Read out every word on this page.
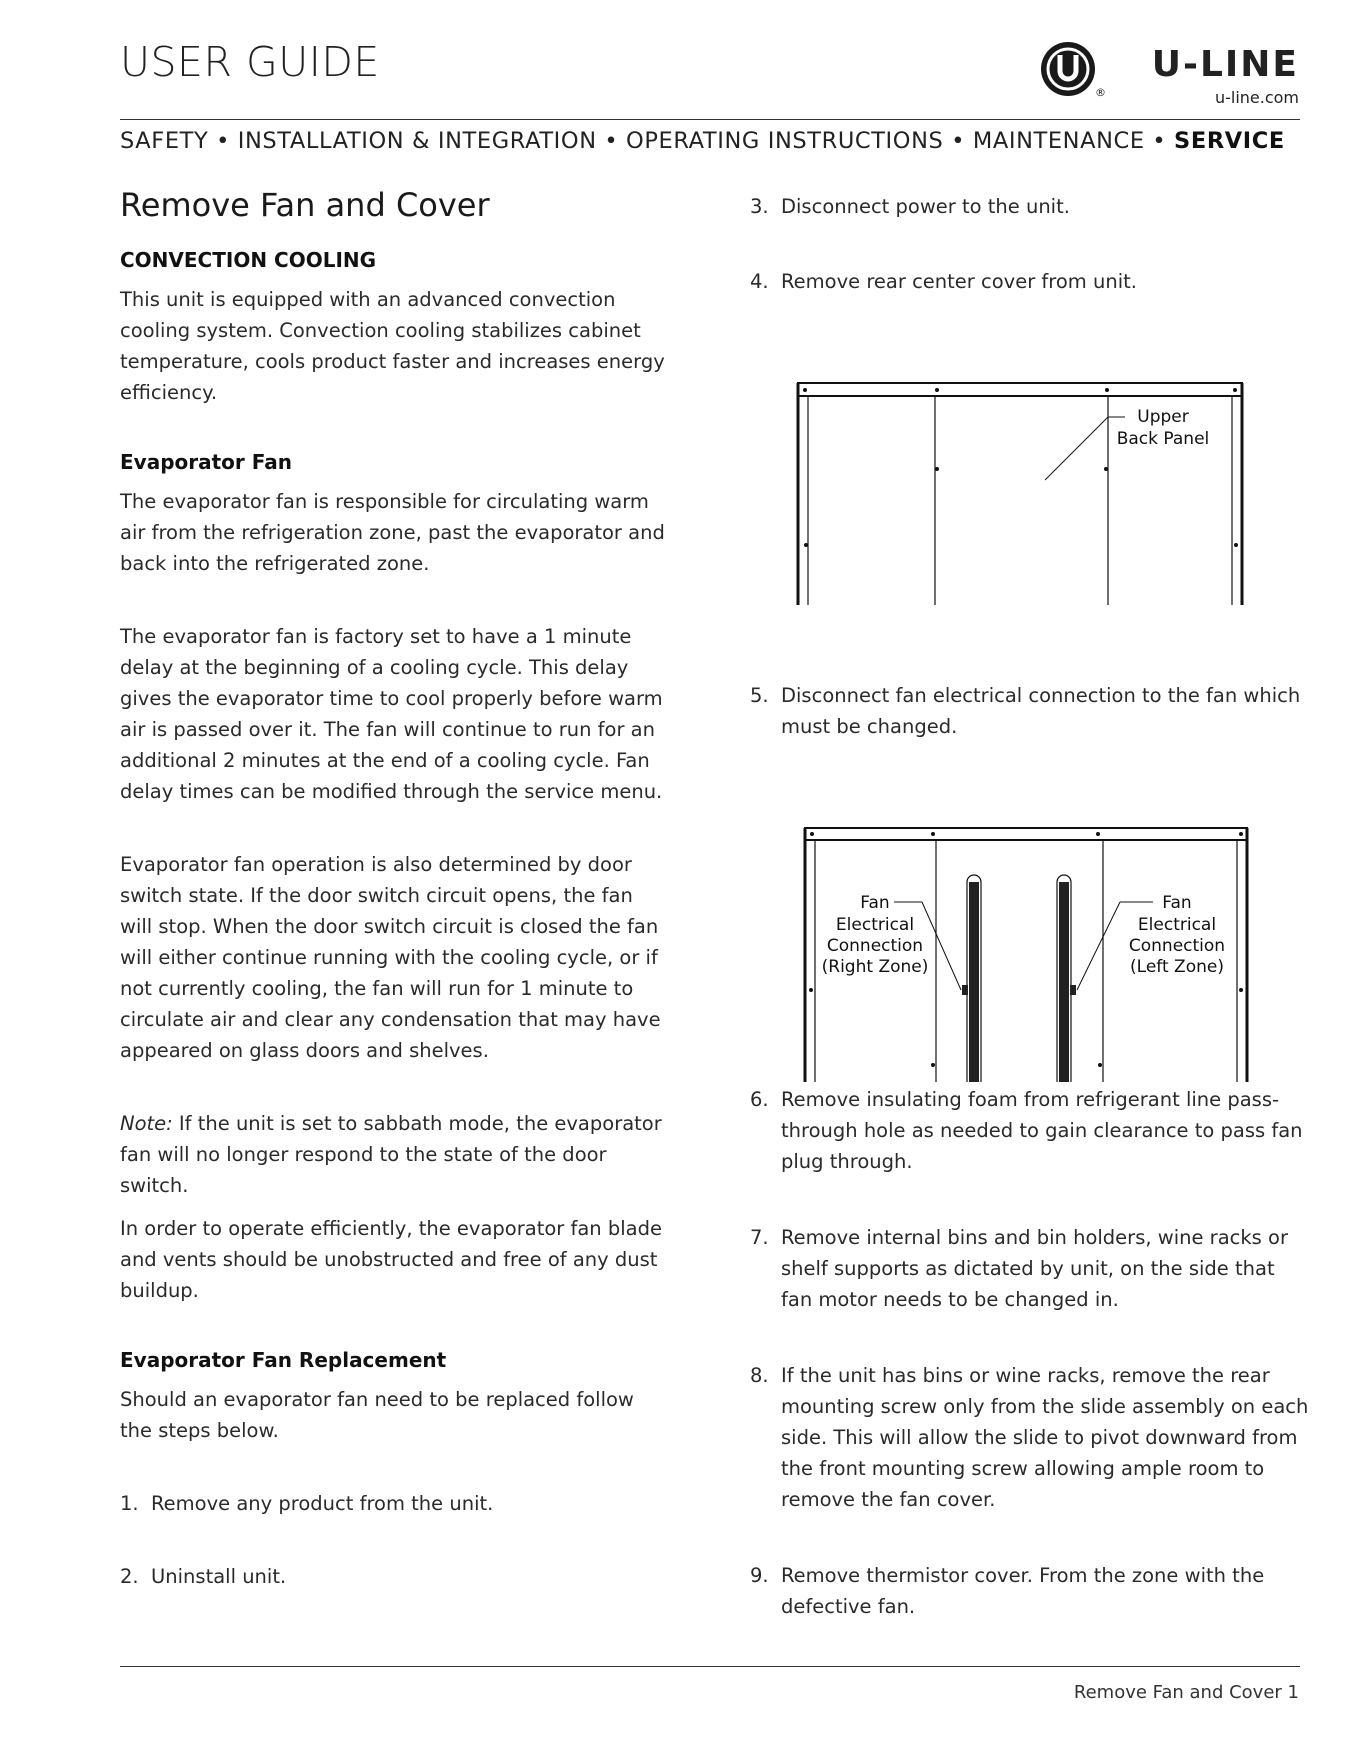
USER GUIDE
®
U-LINE
u-line.com
SAFETY • INSTALLATION & INTEGRATION • OPERATING INSTRUCTIONS • MAINTENANCE • SERVICE
Remove Fan and Cover
CONVECTION COOLING

This unit is equipped with an advanced convection cooling system. Convection cooling stabilizes cabinet temperature, cools product faster and increases energy efficiency.

Evaporator Fan

The evaporator fan is responsible for circulating warm air from the refrigeration zone, past the evaporator and back into the refrigerated zone.

The evaporator fan is factory set to have a 1 minute delay at the beginning of a cooling cycle. This delay gives the evaporator time to cool properly before warm air is passed over it. The fan will continue to run for an additional 2 minutes at the end of a cooling cycle. Fan delay times can be modified through the service menu.

Evaporator fan operation is also determined by door switch state. If the door switch circuit opens, the fan will stop. When the door switch circuit is closed the fan will either continue running with the cooling cycle, or if not currently cooling, the fan will run for 1 minute to circulate air and clear any condensation that may have appeared on glass doors and shelves.

Note: If the unit is set to sabbath mode, the evaporator fan will no longer respond to the state of the door switch.

In order to operate efficiently, the evaporator fan blade and vents should be unobstructed and free of any dust buildup.

Evaporator Fan Replacement

Should an evaporator fan need to be replaced follow the steps below.

1. Remove any product from the unit.
2. Uninstall unit.
3. Disconnect power to the unit.
4. Remove rear center cover from unit.
Upper
Back Panel
5. Disconnect fan electrical connection to the fan which must be changed.
Fan
Electrical
Connection
(Right Zone)
Fan
Electrical
Connection
(Left Zone)
6. Remove insulating foam from refrigerant line pass-through hole as needed to gain clearance to pass fan plug through.
7. Remove internal bins and bin holders, wine racks or shelf supports as dictated by unit, on the side that fan motor needs to be changed in.
8. If the unit has bins or wine racks, remove the rear mounting screw only from the slide assembly on each side. This will allow the slide to pivot downward from the front mounting screw allowing ample room to remove the fan cover.
9. Remove thermistor cover. From the zone with the defective fan.
Remove Fan and Cover 1
